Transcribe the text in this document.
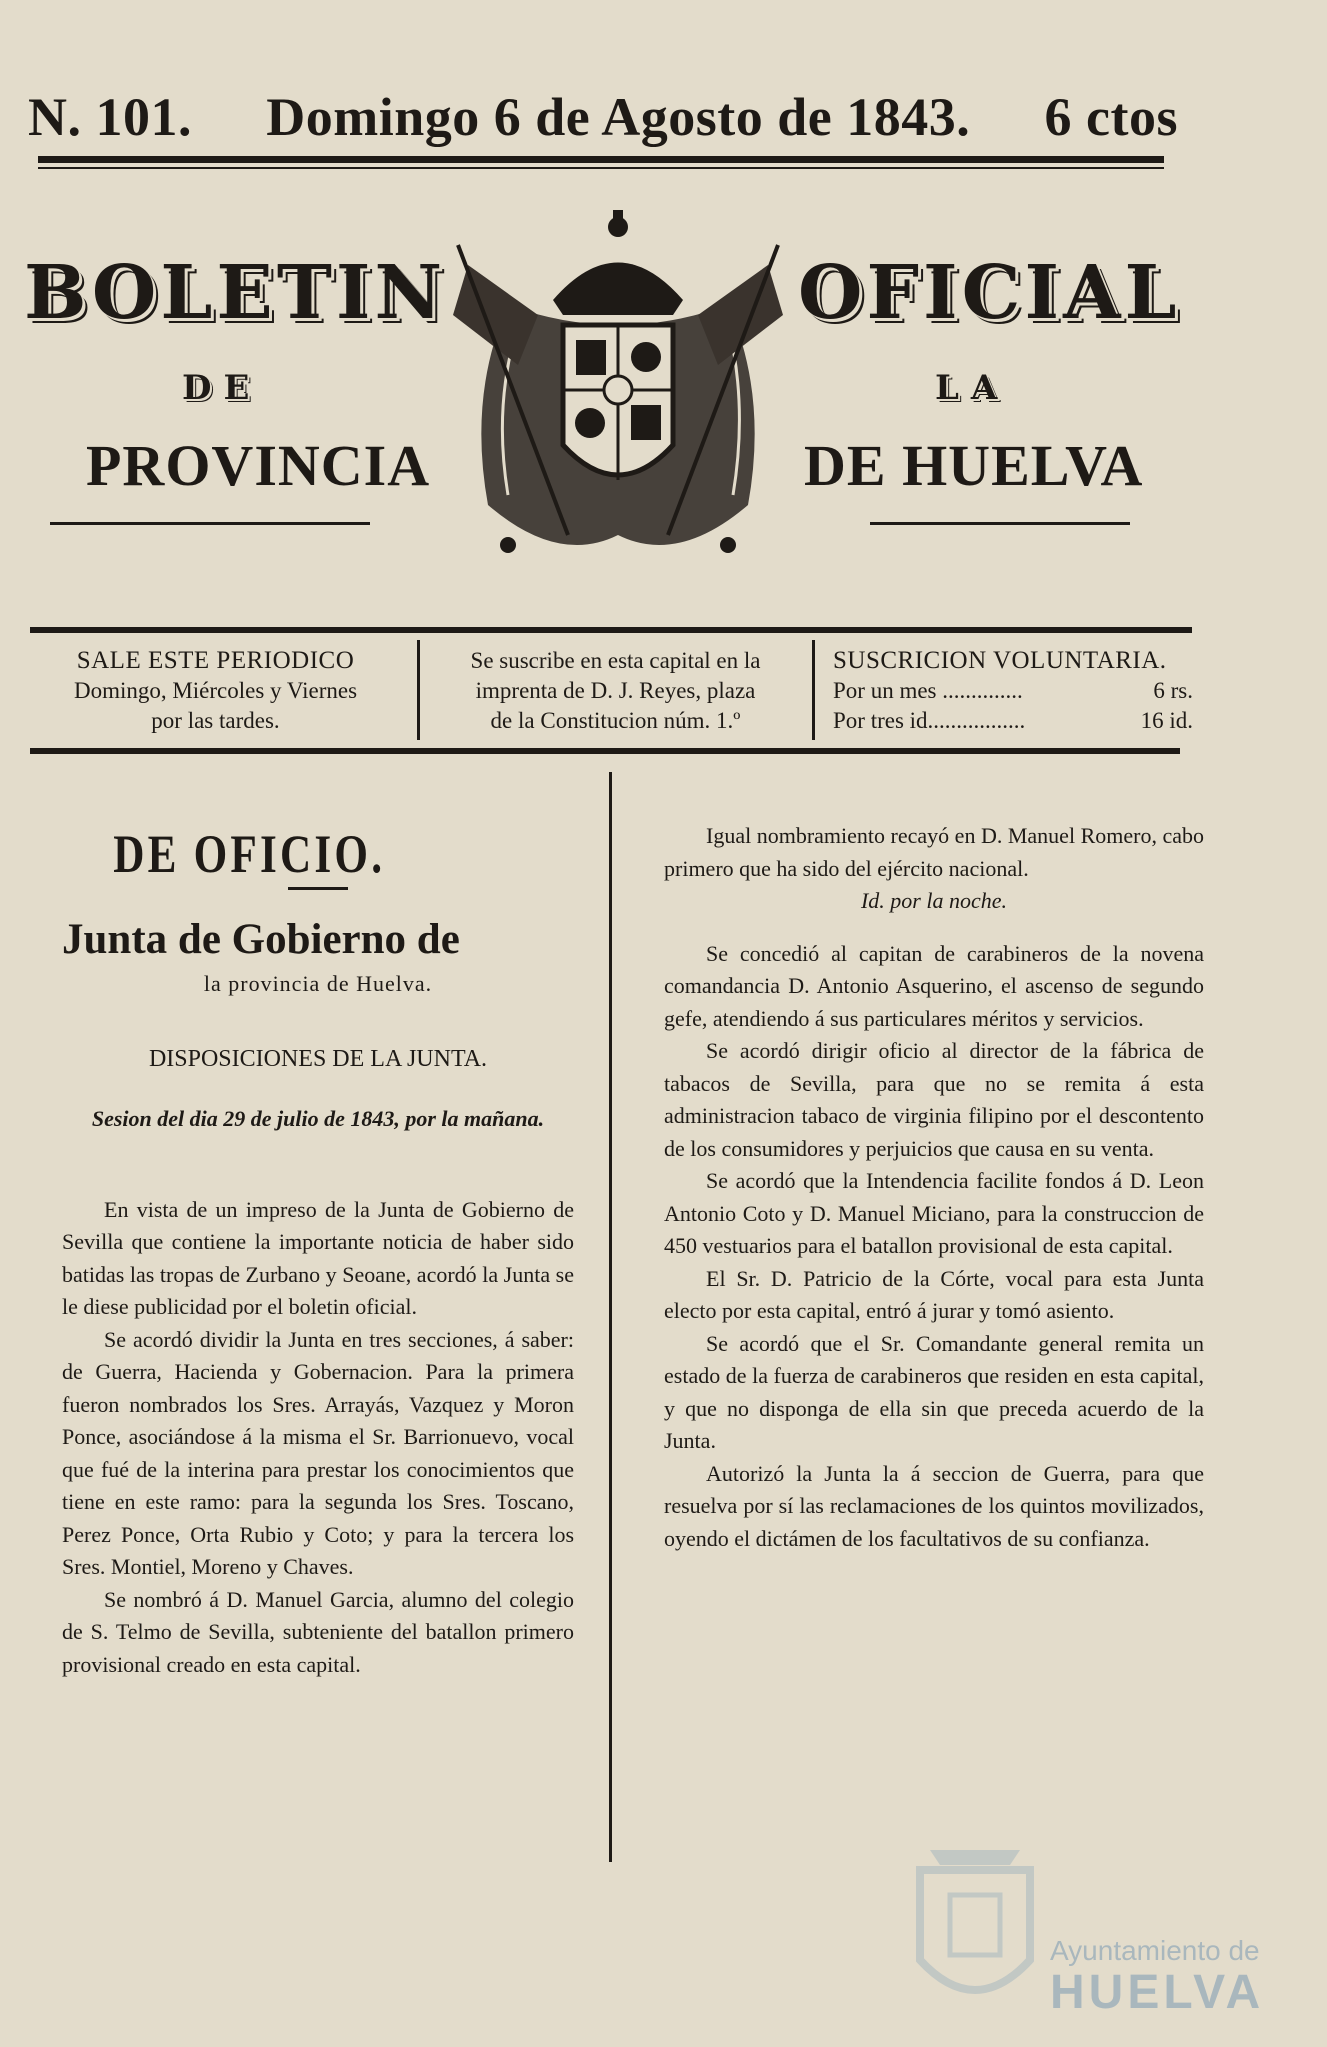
N. 101. Domingo 6 de Agosto de 1843. 6 ctos
BOLETIN	OFICIAL
DE	LA
PROVINCIA	DE HUELVA
SALE ESTE PERIODICO
Domingo, Miércoles y Viernes
por las tardes.
Se suscribe en esta capital en la
imprenta de D. J. Reyes, plaza
de la Constitucion núm. 1.º
SUSCRICION VOLUNTARIA.
Por un mes ..............	6 rs.
Por tres id.................	16 id.

DE OFICIO.

Junta de Gobierno de

la provincia de Huelva.

DISPOSICIONES DE LA JUNTA.

Sesion del dia 29 de julio de 1843, por la mañana.

En vista de un impreso de la Junta de Gobierno de Sevilla que contiene la importante noticia de haber sido batidas las tropas de Zurbano y Seoane, acordó la Junta se le diese publicidad por el boletin oficial.

Se acordó dividir la Junta en tres secciones, á saber: de Guerra, Hacienda y Gobernacion. Para la primera fueron nombrados los Sres. Arrayás, Vazquez y Moron Ponce, asociándose á la misma el Sr. Barrionuevo, vocal que fué de la interina para prestar los conocimientos que tiene en este ramo: para la segunda los Sres. Toscano, Perez Ponce, Orta Rubio y Coto; y para la tercera los Sres. Montiel, Moreno y Chaves.

Se nombró á D. Manuel Garcia, alumno del colegio de S. Telmo de Sevilla, subteniente del batallon primero provisional creado en esta capital.

Igual nombramiento recayó en D. Manuel Romero, cabo primero que ha sido del ejército nacional.

Id. por la noche.

Se concedió al capitan de carabineros de la novena comandancia D. Antonio Asquerino, el ascenso de segundo gefe, atendiendo á sus particulares méritos y servicios.

Se acordó dirigir oficio al director de la fábrica de tabacos de Sevilla, para que no se remita á esta administracion tabaco de virginia filipino por el descontento de los consumidores y perjuicios que causa en su venta.

Se acordó que la Intendencia facilite fondos á D. Leon Antonio Coto y D. Manuel Miciano, para la construccion de 450 vestuarios para el batallon provisional de esta capital.

El Sr. D. Patricio de la Córte, vocal para esta Junta electo por esta capital, entró á jurar y tomó asiento.

Se acordó que el Sr. Comandante general remita un estado de la fuerza de carabineros que residen en esta capital, y que no disponga de ella sin que preceda acuerdo de la Junta.

Autorizó la Junta la á seccion de Guerra, para que resuelva por sí las reclamaciones de los quintos movilizados, oyendo el dictámen de los facultativos de su confianza.

Ayuntamiento de
HUELVA
